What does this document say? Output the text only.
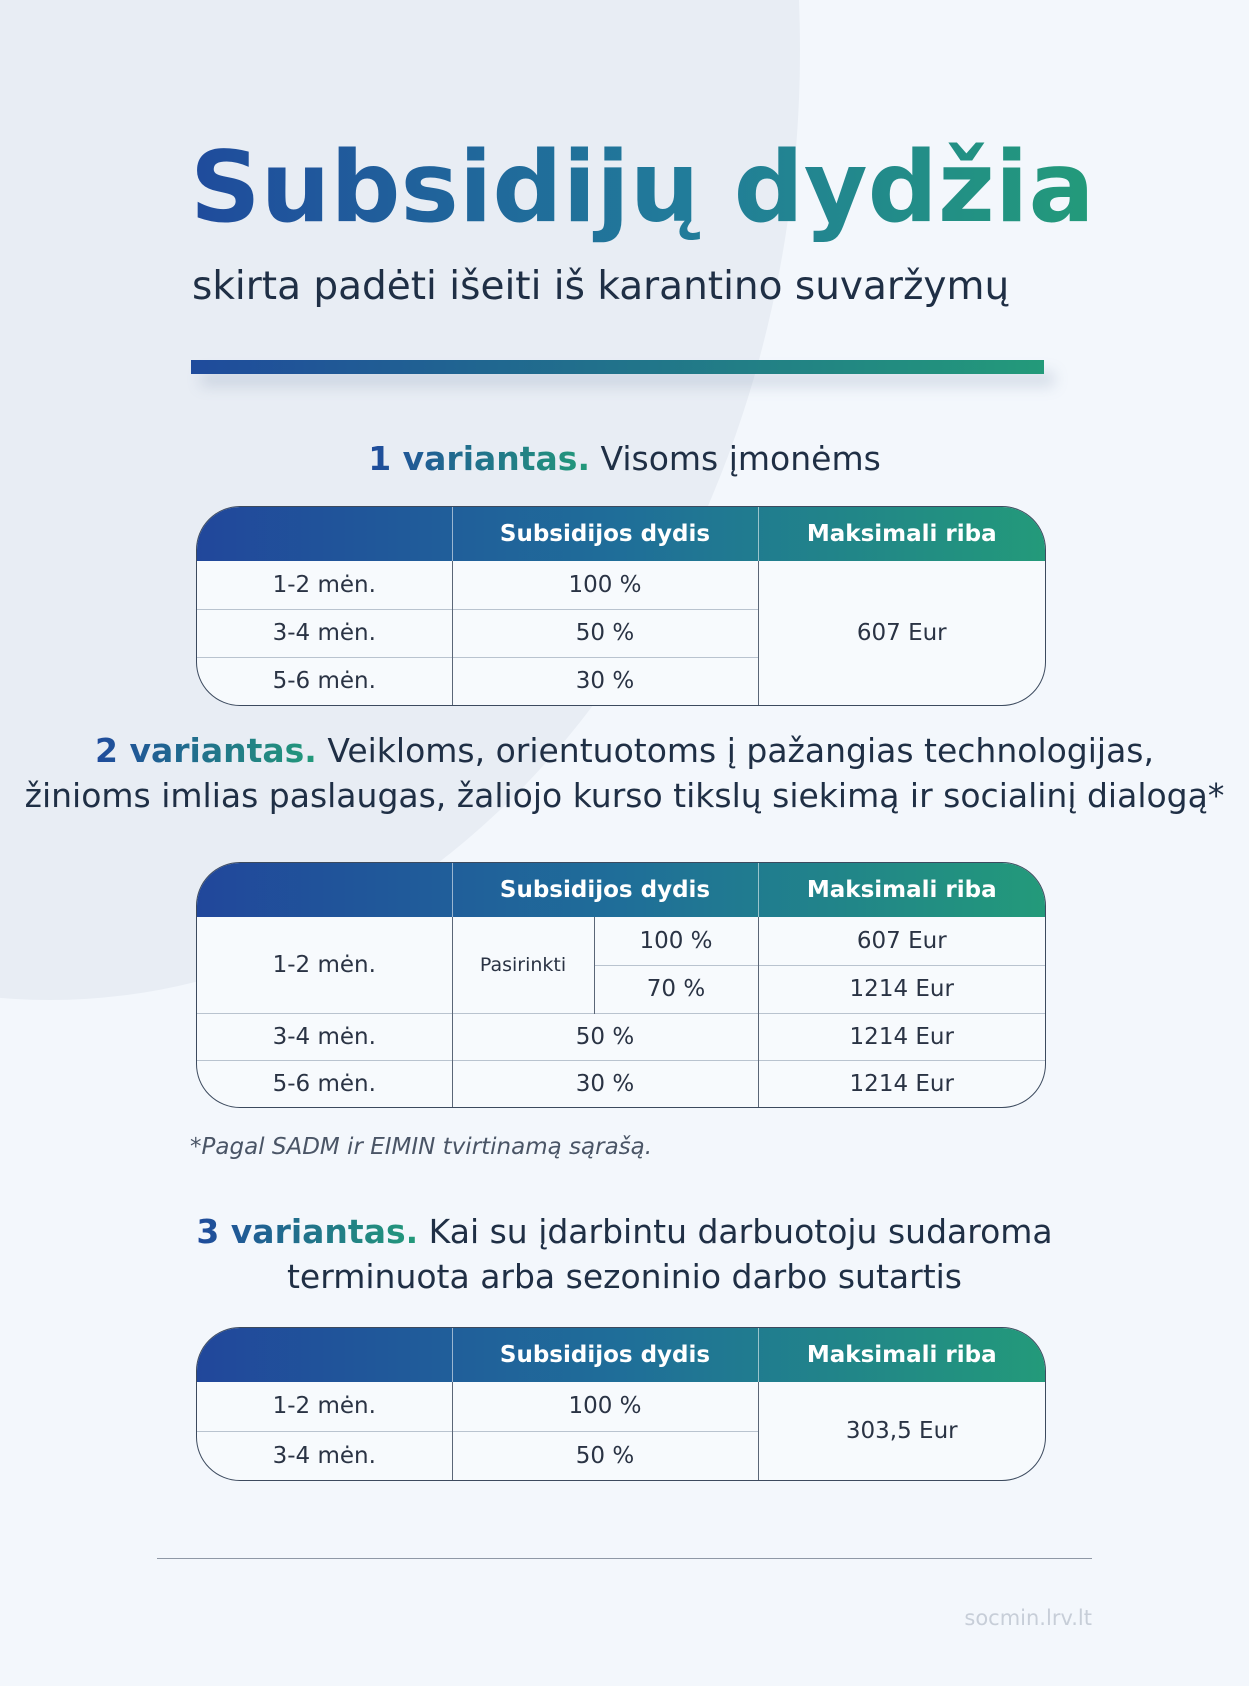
Subsidijų dydžiai
skirta padėti išeiti iš karantino suvaržymų
1 variantas. Visoms įmonėms
	Subsidijos dydis	Maksimali riba
1-2 mėn.	100 %	607 Eur
3-4 mėn.	50 %	
5-6 mėn.	30 %	
2 variantas. Veikloms, orientuotoms į pažangias technologijas,
žinioms imlias paslaugas, žaliojo kurso tikslų siekimą ir socialinį dialogą*
	Subsidijos dydis		Maksimali riba
1-2 mėn.	Pasirinkti	100 %	607 Eur
		70 %	1214 Eur
3-4 mėn.	50 %		1214 Eur
5-6 mėn.	30 %		1214 Eur
*Pagal SADM ir EIMIN tvirtinamą sąrašą.
3 variantas. Kai su įdarbintu darbuotoju sudaroma
terminuota arba sezoninio darbo sutartis
	Subsidijos dydis	Maksimali riba
1-2 mėn.	100 %	303,5 Eur
3-4 mėn.	50 %	
socmin.lrv.lt
